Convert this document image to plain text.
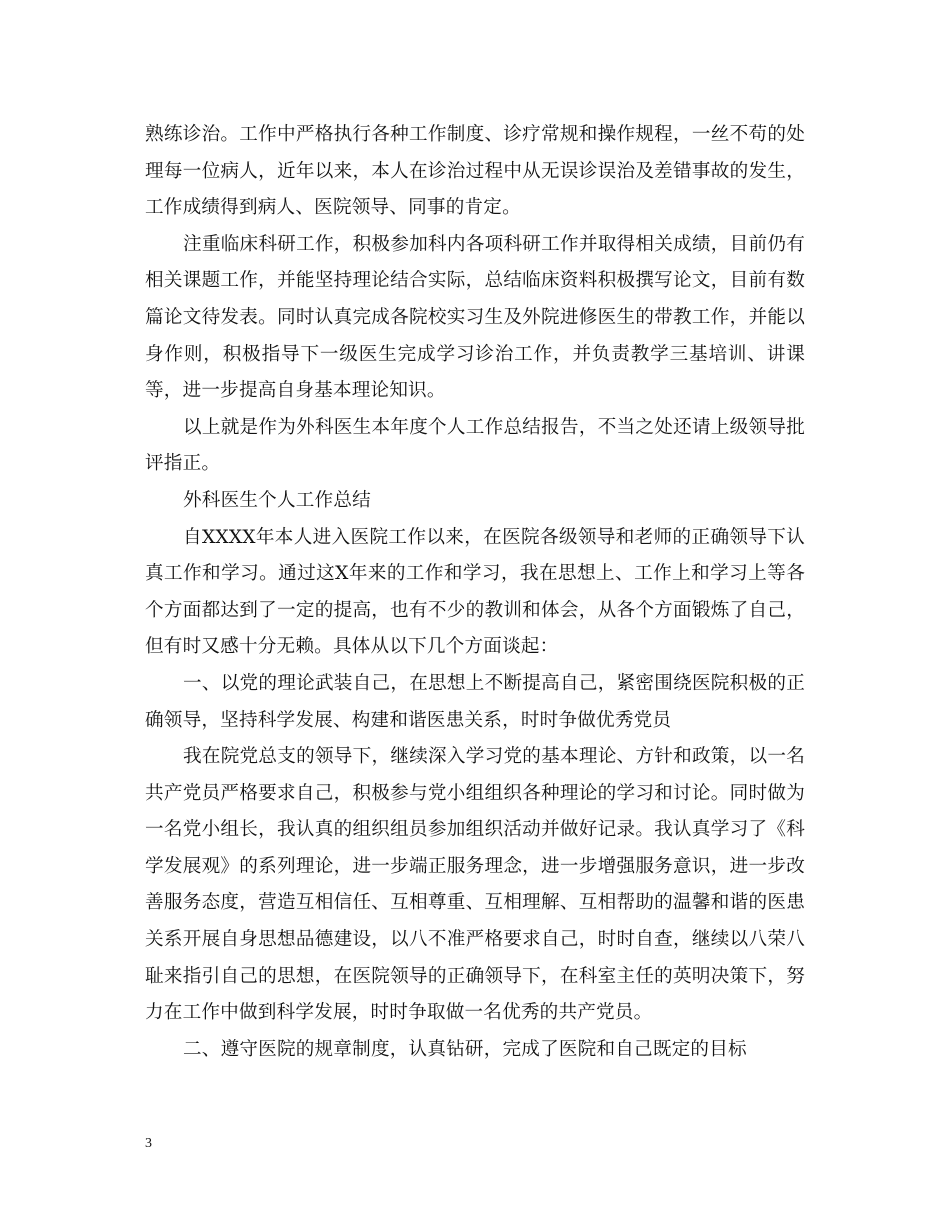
熟练诊治。工作中严格执行各种工作制度、诊疗常规和操作规程，一丝不苟的处理每一位病人，近年以来，本人在诊治过程中从无误诊误治及差错事故的发生，工作成绩得到病人、医院领导、同事的肯定。

注重临床科研工作，积极参加科内各项科研工作并取得相关成绩，目前仍有相关课题工作，并能坚持理论结合实际，总结临床资料积极撰写论文，目前有数篇论文待发表。同时认真完成各院校实习生及外院进修医生的带教工作，并能以身作则，积极指导下一级医生完成学习诊治工作，并负责教学三基培训、讲课等，进一步提高自身基本理论知识。

以上就是作为外科医生本年度个人工作总结报告，不当之处还请上级领导批评指正。

外科医生个人工作总结

自XXXX年本人进入医院工作以来，在医院各级领导和老师的正确领导下认真工作和学习。通过这X年来的工作和学习，我在思想上、工作上和学习上等各个方面都达到了一定的提高，也有不少的教训和体会，从各个方面锻炼了自己，但有时又感十分无赖。具体从以下几个方面谈起：

一、以党的理论武装自己，在思想上不断提高自己，紧密围绕医院积极的正确领导，坚持科学发展、构建和谐医患关系，时时争做优秀党员

我在院党总支的领导下，继续深入学习党的基本理论、方针和政策，以一名共产党员严格要求自己，积极参与党小组组织各种理论的学习和讨论。同时做为一名党小组长，我认真的组织组员参加组织活动并做好记录。我认真学习了《科学发展观》的系列理论，进一步端正服务理念，进一步增强服务意识，进一步改善服务态度，营造互相信任、互相尊重、互相理解、互相帮助的温馨和谐的医患关系开展自身思想品德建设，以八不准严格要求自己，时时自查，继续以八荣八耻来指引自己的思想，在医院领导的正确领导下，在科室主任的英明决策下，努力在工作中做到科学发展，时时争取做一名优秀的共产党员。

二、遵守医院的规章制度，认真钻研，完成了医院和自己既定的目标

3
